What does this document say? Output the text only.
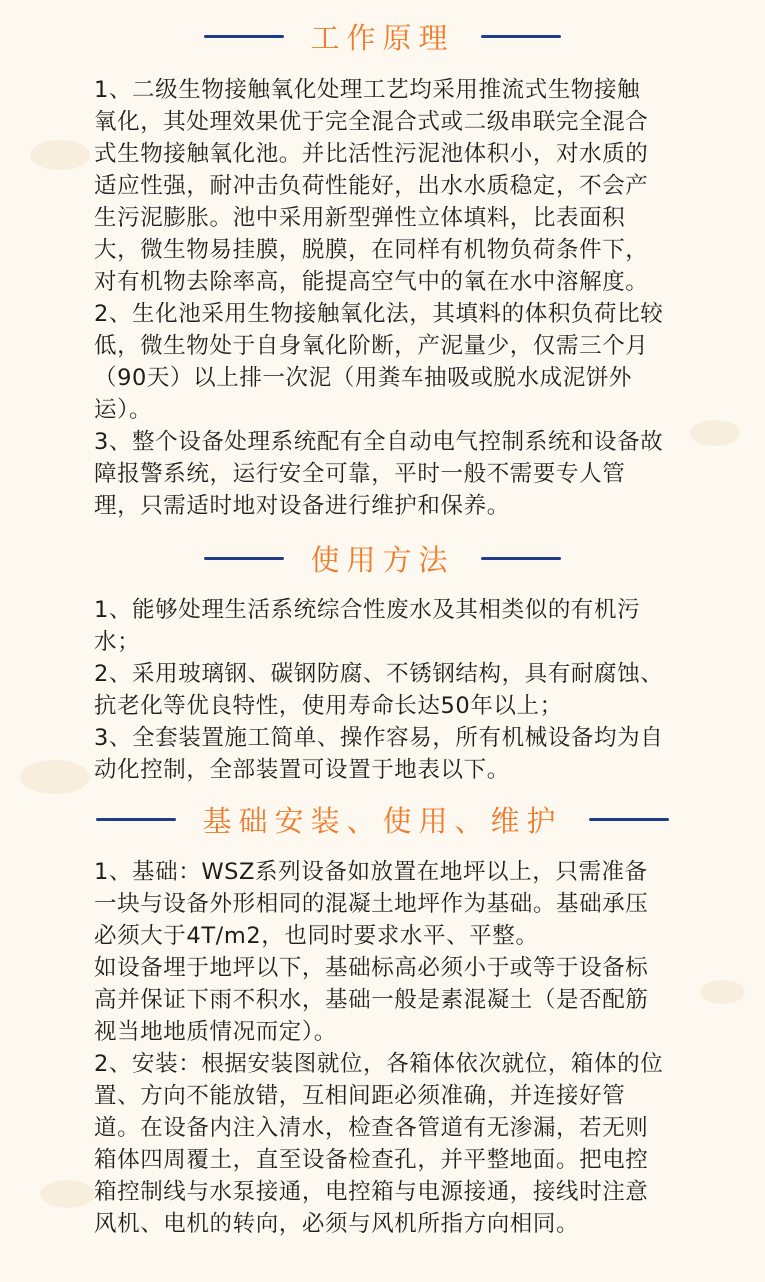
工作原理
1、二级生物接触氧化处理工艺均采用推流式生物接触
氧化，其处理效果优于完全混合式或二级串联完全混合
式生物接触氧化池。并比活性污泥池体积小，对水质的
适应性强，耐冲击负荷性能好，出水水质稳定，不会产
生污泥膨胀。池中采用新型弹性立体填料，比表面积
大，微生物易挂膜，脱膜，在同样有机物负荷条件下，
对有机物去除率高，能提高空气中的氧在水中溶解度。
2、生化池采用生物接触氧化法，其填料的体积负荷比较
低，微生物处于自身氧化阶断，产泥量少，仅需三个月
（90天）以上排一次泥（用粪车抽吸或脱水成泥饼外
运）。
3、整个设备处理系统配有全自动电气控制系统和设备故
障报警系统，运行安全可靠，平时一般不需要专人管
理，只需适时地对设备进行维护和保养。
使用方法
1、能够处理生活系统综合性废水及其相类似的有机污
水；
2、采用玻璃钢、碳钢防腐、不锈钢结构，具有耐腐蚀、
抗老化等优良特性，使用寿命长达50年以上；
3、全套装置施工简单、操作容易，所有机械设备均为自
动化控制，全部装置可设置于地表以下。
基础安装、使用、维护
1、基础：WSZ系列设备如放置在地坪以上，只需准备
一块与设备外形相同的混凝土地坪作为基础。基础承压
必须大于4T/m2，也同时要求水平、平整。
如设备埋于地坪以下，基础标高必须小于或等于设备标
高并保证下雨不积水，基础一般是素混凝土（是否配筋
视当地地质情况而定）。
2、安装：根据安装图就位，各箱体依次就位，箱体的位
置、方向不能放错，互相间距必须准确，并连接好管
道。在设备内注入清水，检查各管道有无渗漏，若无则
箱体四周覆土，直至设备检查孔，并平整地面。把电控
箱控制线与水泵接通，电控箱与电源接通，接线时注意
风机、电机的转向，必须与风机所指方向相同。
